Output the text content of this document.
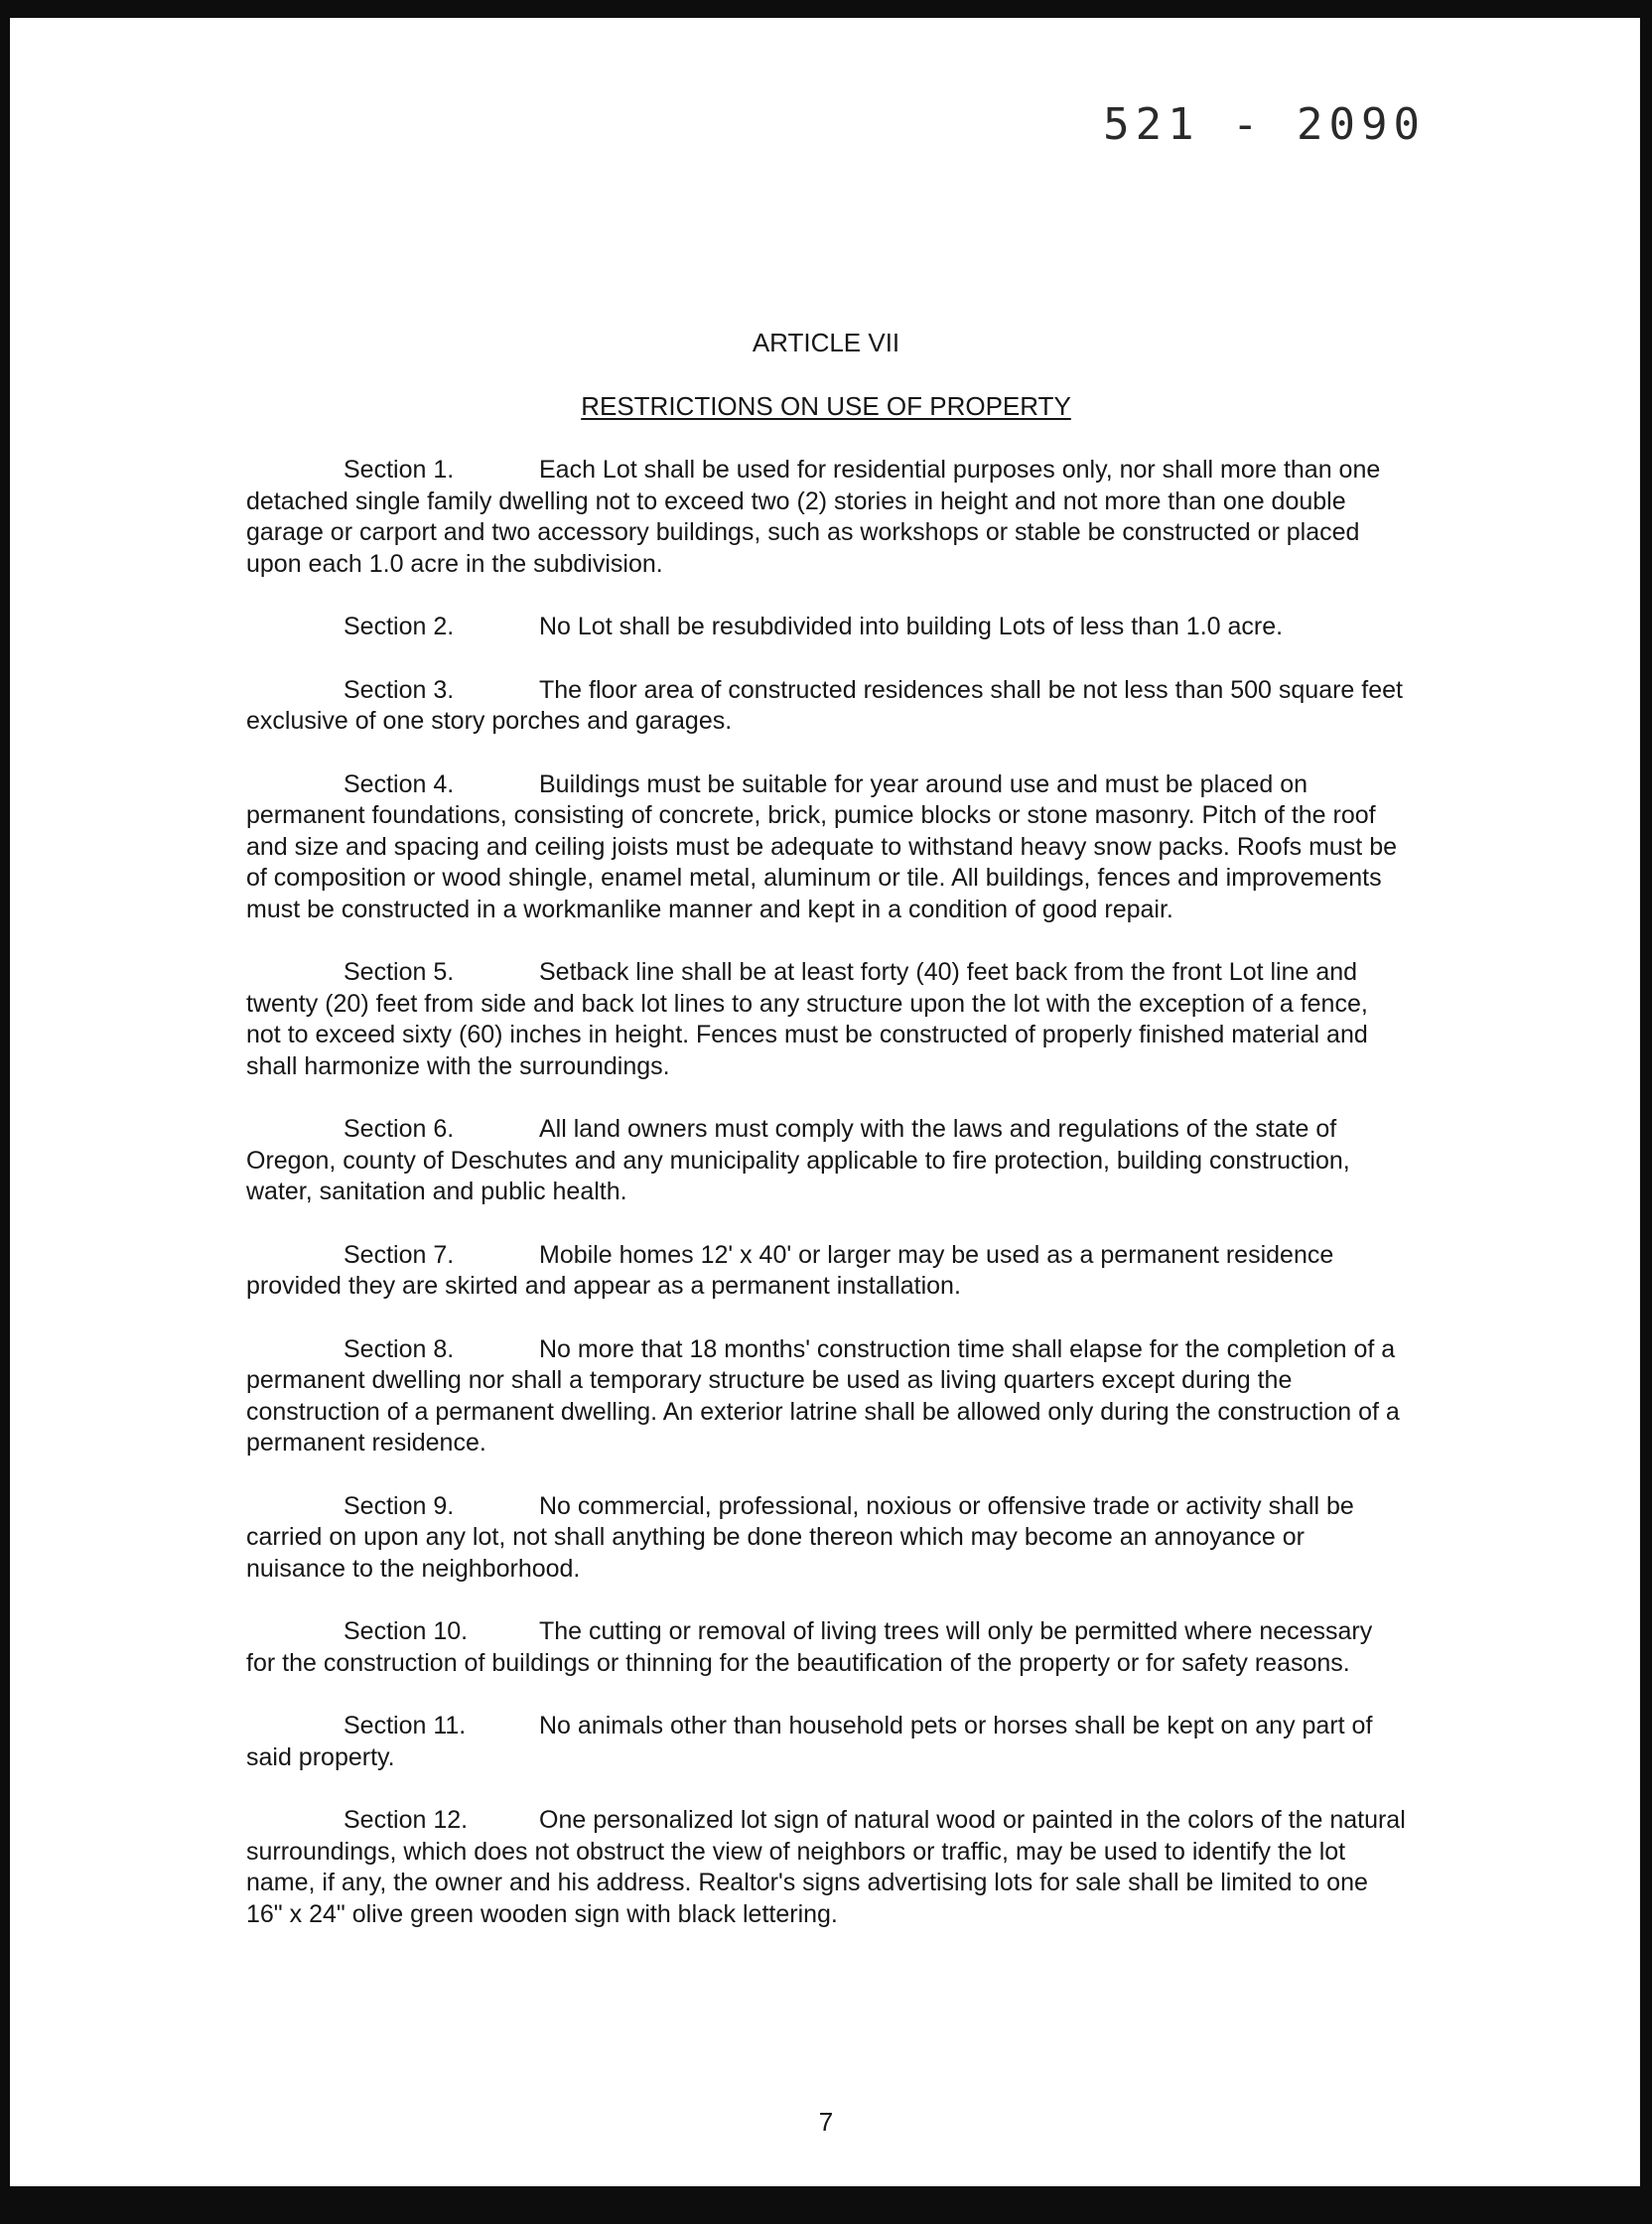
521 - 2090
ARTICLE VII
RESTRICTIONS ON USE OF PROPERTY

Section 1.	Each Lot shall be used for residential purposes only, nor shall more than one detached single family dwelling not to exceed two (2) stories in height and not more than one double garage or carport and two accessory buildings, such as workshops or stable be constructed or placed upon each 1.0 acre in the subdivision.

Section 2.	No Lot shall be resubdivided into building Lots of less than 1.0 acre.

Section 3.	The floor area of constructed residences shall be not less than 500 square feet exclusive of one story porches and garages.

Section 4.	Buildings must be suitable for year around use and must be placed on permanent foundations, consisting of concrete, brick, pumice blocks or stone masonry. Pitch of the roof and size and spacing and ceiling joists must be adequate to withstand heavy snow packs. Roofs must be of composition or wood shingle, enamel metal, aluminum or tile. All buildings, fences and improvements must be constructed in a workmanlike manner and kept in a condition of good repair.

Section 5.	Setback line shall be at least forty (40) feet back from the front Lot line and twenty (20) feet from side and back lot lines to any structure upon the lot with the exception of a fence, not to exceed sixty (60) inches in height. Fences must be constructed of properly finished material and shall harmonize with the surroundings.

Section 6.	All land owners must comply with the laws and regulations of the state of Oregon, county of Deschutes and any municipality applicable to fire protection, building construction, water, sanitation and public health.

Section 7.	Mobile homes 12' x 40' or larger may be used as a permanent residence provided they are skirted and appear as a permanent installation.

Section 8.	No more that 18 months' construction time shall elapse for the completion of a permanent dwelling nor shall a temporary structure be used as living quarters except during the construction of a permanent dwelling. An exterior latrine shall be allowed only during the construction of a permanent residence.

Section 9.	No commercial, professional, noxious or offensive trade or activity shall be carried on upon any lot, not shall anything be done thereon which may become an annoyance or nuisance to the neighborhood.

Section 10.	The cutting or removal of living trees will only be permitted where necessary for the construction of buildings or thinning for the beautification of the property or for safety reasons.

Section 11.	No animals other than household pets or horses shall be kept on any part of said property.

Section 12.	One personalized lot sign of natural wood or painted in the colors of the natural surroundings, which does not obstruct the view of neighbors or traffic, may be used to identify the lot name, if any, the owner and his address. Realtor's signs advertising lots for sale shall be limited to one 16" x 24" olive green wooden sign with black lettering.

7
